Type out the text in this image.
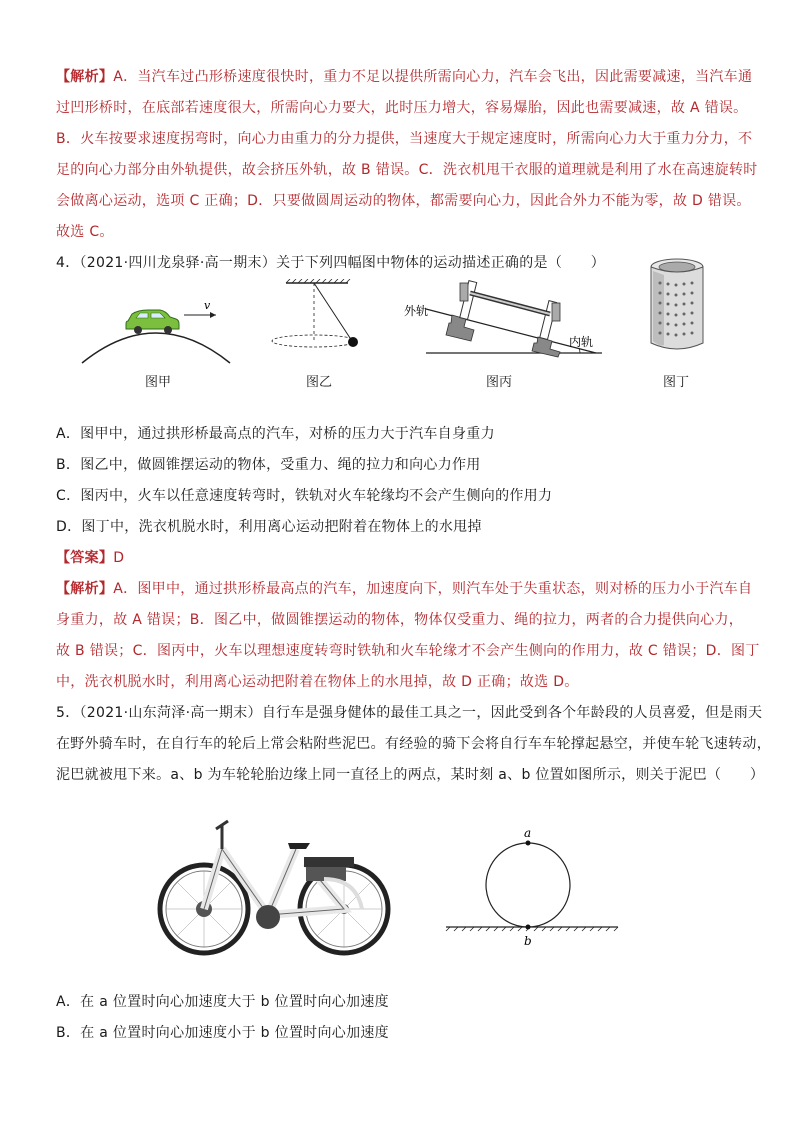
【解析】A．当汽车过凸形桥速度很快时，重力不足以提供所需向心力，汽车会飞出，因此需要减速，当汽车通
过凹形桥时，在底部若速度很大，所需向心力要大，此时压力增大，容易爆胎，因此也需要减速，故 A 错误。
B．火车按要求速度拐弯时，向心力由重力的分力提供，当速度大于规定速度时，所需向心力大于重力分力，不
足的向心力部分由外轨提供，故会挤压外轨，故 B 错误。C．洗衣机甩干衣服的道理就是利用了水在高速旋转时
会做离心运动，选项 C 正确；D．只要做圆周运动的物体，都需要向心力，因此合外力不能为零，故 D 错误。
故选 C。

4．（2021·四川龙泉驿·高一期末）关于下列四幅图中物体的运动描述正确的是（　　）

v
图甲	图乙
外轨
内轨
图丙	图丁
A．图甲中，通过拱形桥最高点的汽车，对桥的压力大于汽车自身重力
B．图乙中，做圆锥摆运动的物体，受重力、绳的拉力和向心力作用
C．图丙中，火车以任意速度转弯时，铁轨对火车轮缘均不会产生侧向的作用力
D．图丁中，洗衣机脱水时，利用离心运动把附着在物体上的水甩掉
【答案】D
【解析】A．图甲中，通过拱形桥最高点的汽车，加速度向下，则汽车处于失重状态，则对桥的压力小于汽车自
身重力，故 A 错误；B．图乙中，做圆锥摆运动的物体，物体仅受重力、绳的拉力，两者的合力提供向心力，
故 B 错误；C．图丙中，火车以理想速度转弯时铁轨和火车轮缘才不会产生侧向的作用力，故 C 错误；D．图丁
中，洗衣机脱水时，利用离心运动把附着在物体上的水甩掉，故 D 正确；故选 D。
5．（2021·山东菏泽·高一期末）自行车是强身健体的最佳工具之一，因此受到各个年龄段的人员喜爱，但是雨天
在野外骑车时，在自行车的轮后上常会粘附些泥巴。有经验的骑下会将自行车车轮撑起悬空，并使车轮飞速转动，
泥巴就被甩下来。a、b 为车轮轮胎边缘上同一直径上的两点，某时刻 a、b 位置如图所示，则关于泥巴（　　）
a
b
A．在 a 位置时向心加速度大于 b 位置时向心加速度
B．在 a 位置时向心加速度小于 b 位置时向心加速度
